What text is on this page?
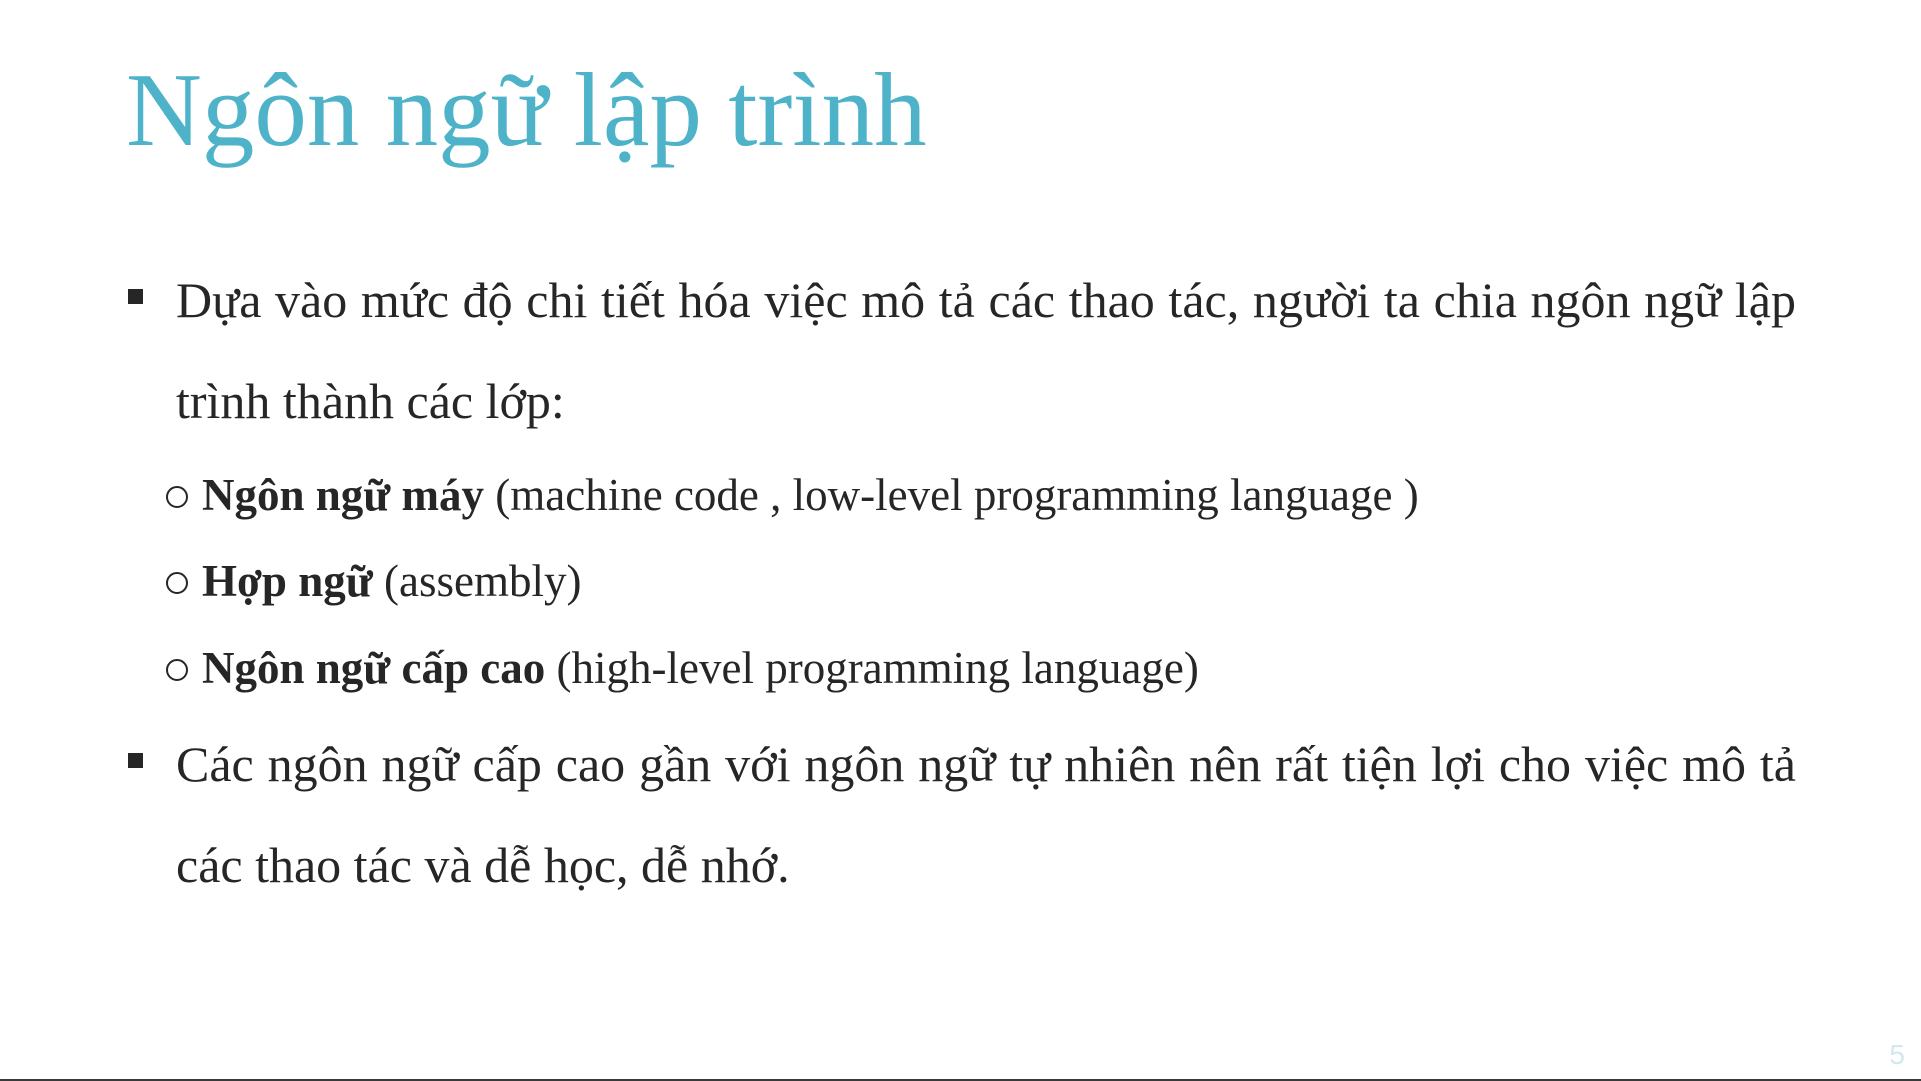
Ngôn ngữ lập trình
Dựa vào mức độ chi tiết hóa việc mô tả các thao tác, người ta chia ngôn ngữ lập trình thành các lớp:
Ngôn ngữ máy (machine code , low-level programming language )
Hợp ngữ (assembly)
Ngôn ngữ cấp cao (high-level programming language)
Các ngôn ngữ cấp cao gần với ngôn ngữ tự nhiên nên rất tiện lợi cho việc mô tả các thao tác và dễ học, dễ nhớ.
5
